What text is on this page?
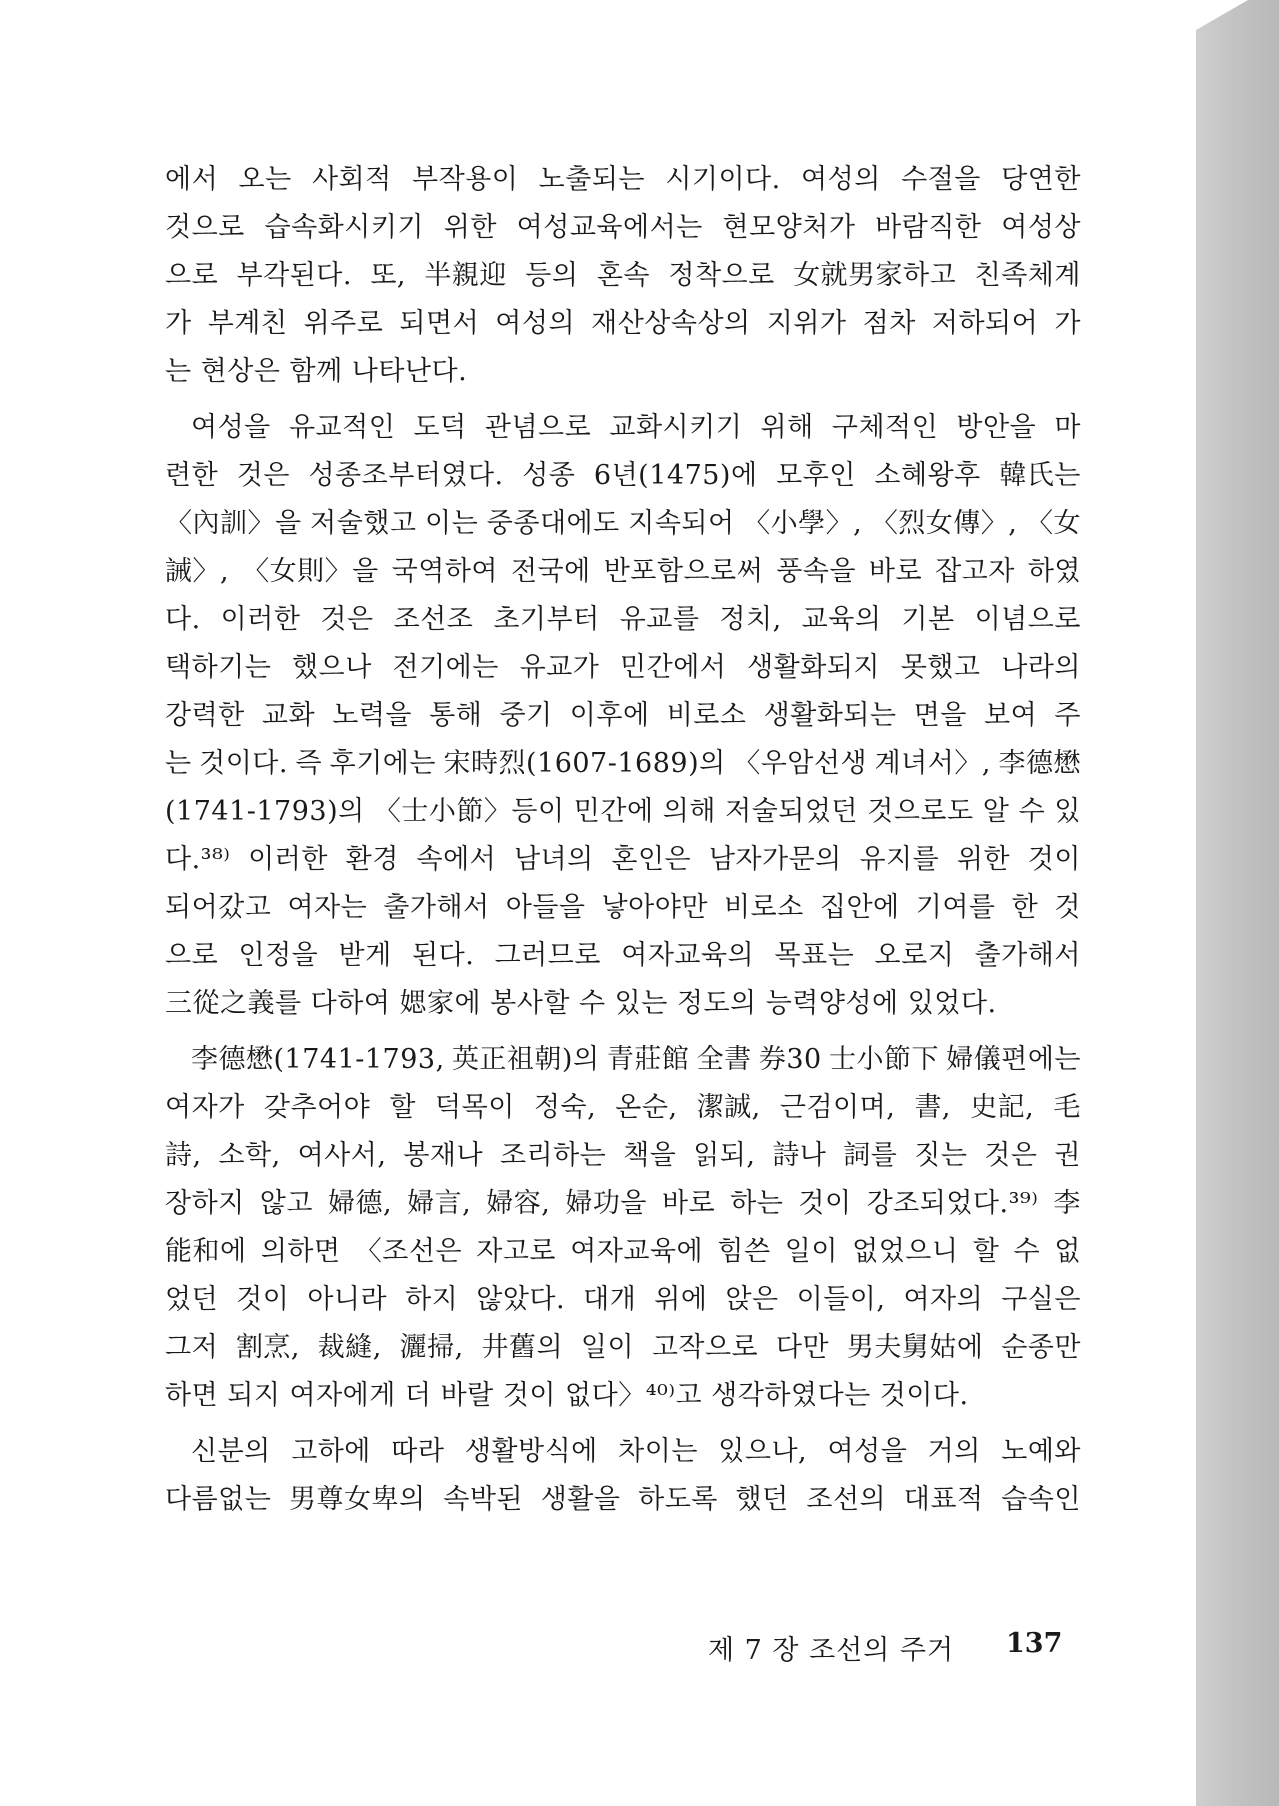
에서 오는 사회적 부작용이 노출되는 시기이다. 여성의 수절을 당연한
것으로 습속화시키기 위한 여성교육에서는 현모양처가 바람직한 여성상
으로 부각된다. 또, 半親迎 등의 혼속 정착으로 女就男家하고 친족체계
가 부계친 위주로 되면서 여성의 재산상속상의 지위가 점차 저하되어 가
는 현상은 함께 나타난다.
여성을 유교적인 도덕 관념으로 교화시키기 위해 구체적인 방안을 마
련한 것은 성종조부터였다. 성종 6년(1475)에 모후인 소혜왕후 韓氏는
〈內訓〉을 저술했고 이는 중종대에도 지속되어 〈小學〉, 〈烈女傳〉, 〈女
誡〉, 〈女則〉을 국역하여 전국에 반포함으로써 풍속을 바로 잡고자 하였
다. 이러한 것은 조선조 초기부터 유교를 정치, 교육의 기본 이념으로
택하기는 했으나 전기에는 유교가 민간에서 생활화되지 못했고 나라의
강력한 교화 노력을 통해 중기 이후에 비로소 생활화되는 면을 보여 주
는 것이다. 즉 후기에는 宋時烈(1607-1689)의 〈우암선생 계녀서〉, 李德懋
(1741-1793)의 〈士小節〉등이 민간에 의해 저술되었던 것으로도 알 수 있
다.³⁸⁾ 이러한 환경 속에서 남녀의 혼인은 남자가문의 유지를 위한 것이
되어갔고 여자는 출가해서 아들을 낳아야만 비로소 집안에 기여를 한 것
으로 인정을 받게 된다. 그러므로 여자교육의 목표는 오로지 출가해서
三從之義를 다하여 媤家에 봉사할 수 있는 정도의 능력양성에 있었다.
李德懋(1741-1793, 英正祖朝)의 青莊館 全書 券30 士小節下 婦儀편에는
여자가 갖추어야 할 덕목이 정숙, 온순, 潔誠, 근검이며, 書, 史記, 毛
詩, 소학, 여사서, 봉재나 조리하는 책을 읽되, 詩나 詞를 짓는 것은 권
장하지 않고 婦德, 婦言, 婦容, 婦功을 바로 하는 것이 강조되었다.³⁹⁾ 李
能和에 의하면 〈조선은 자고로 여자교육에 힘쓴 일이 없었으니 할 수 없
었던 것이 아니라 하지 않았다. 대개 위에 앉은 이들이, 여자의 구실은
그저 割烹, 裁縫, 灑掃, 井舊의 일이 고작으로 다만 男夫舅姑에 순종만
하면 되지 여자에게 더 바랄 것이 없다〉⁴⁰⁾고 생각하였다는 것이다.
신분의 고하에 따라 생활방식에 차이는 있으나, 여성을 거의 노예와
다름없는 男尊女卑의 속박된 생활을 하도록 했던 조선의 대표적 습속인
제 7 장 조선의 주거 137
